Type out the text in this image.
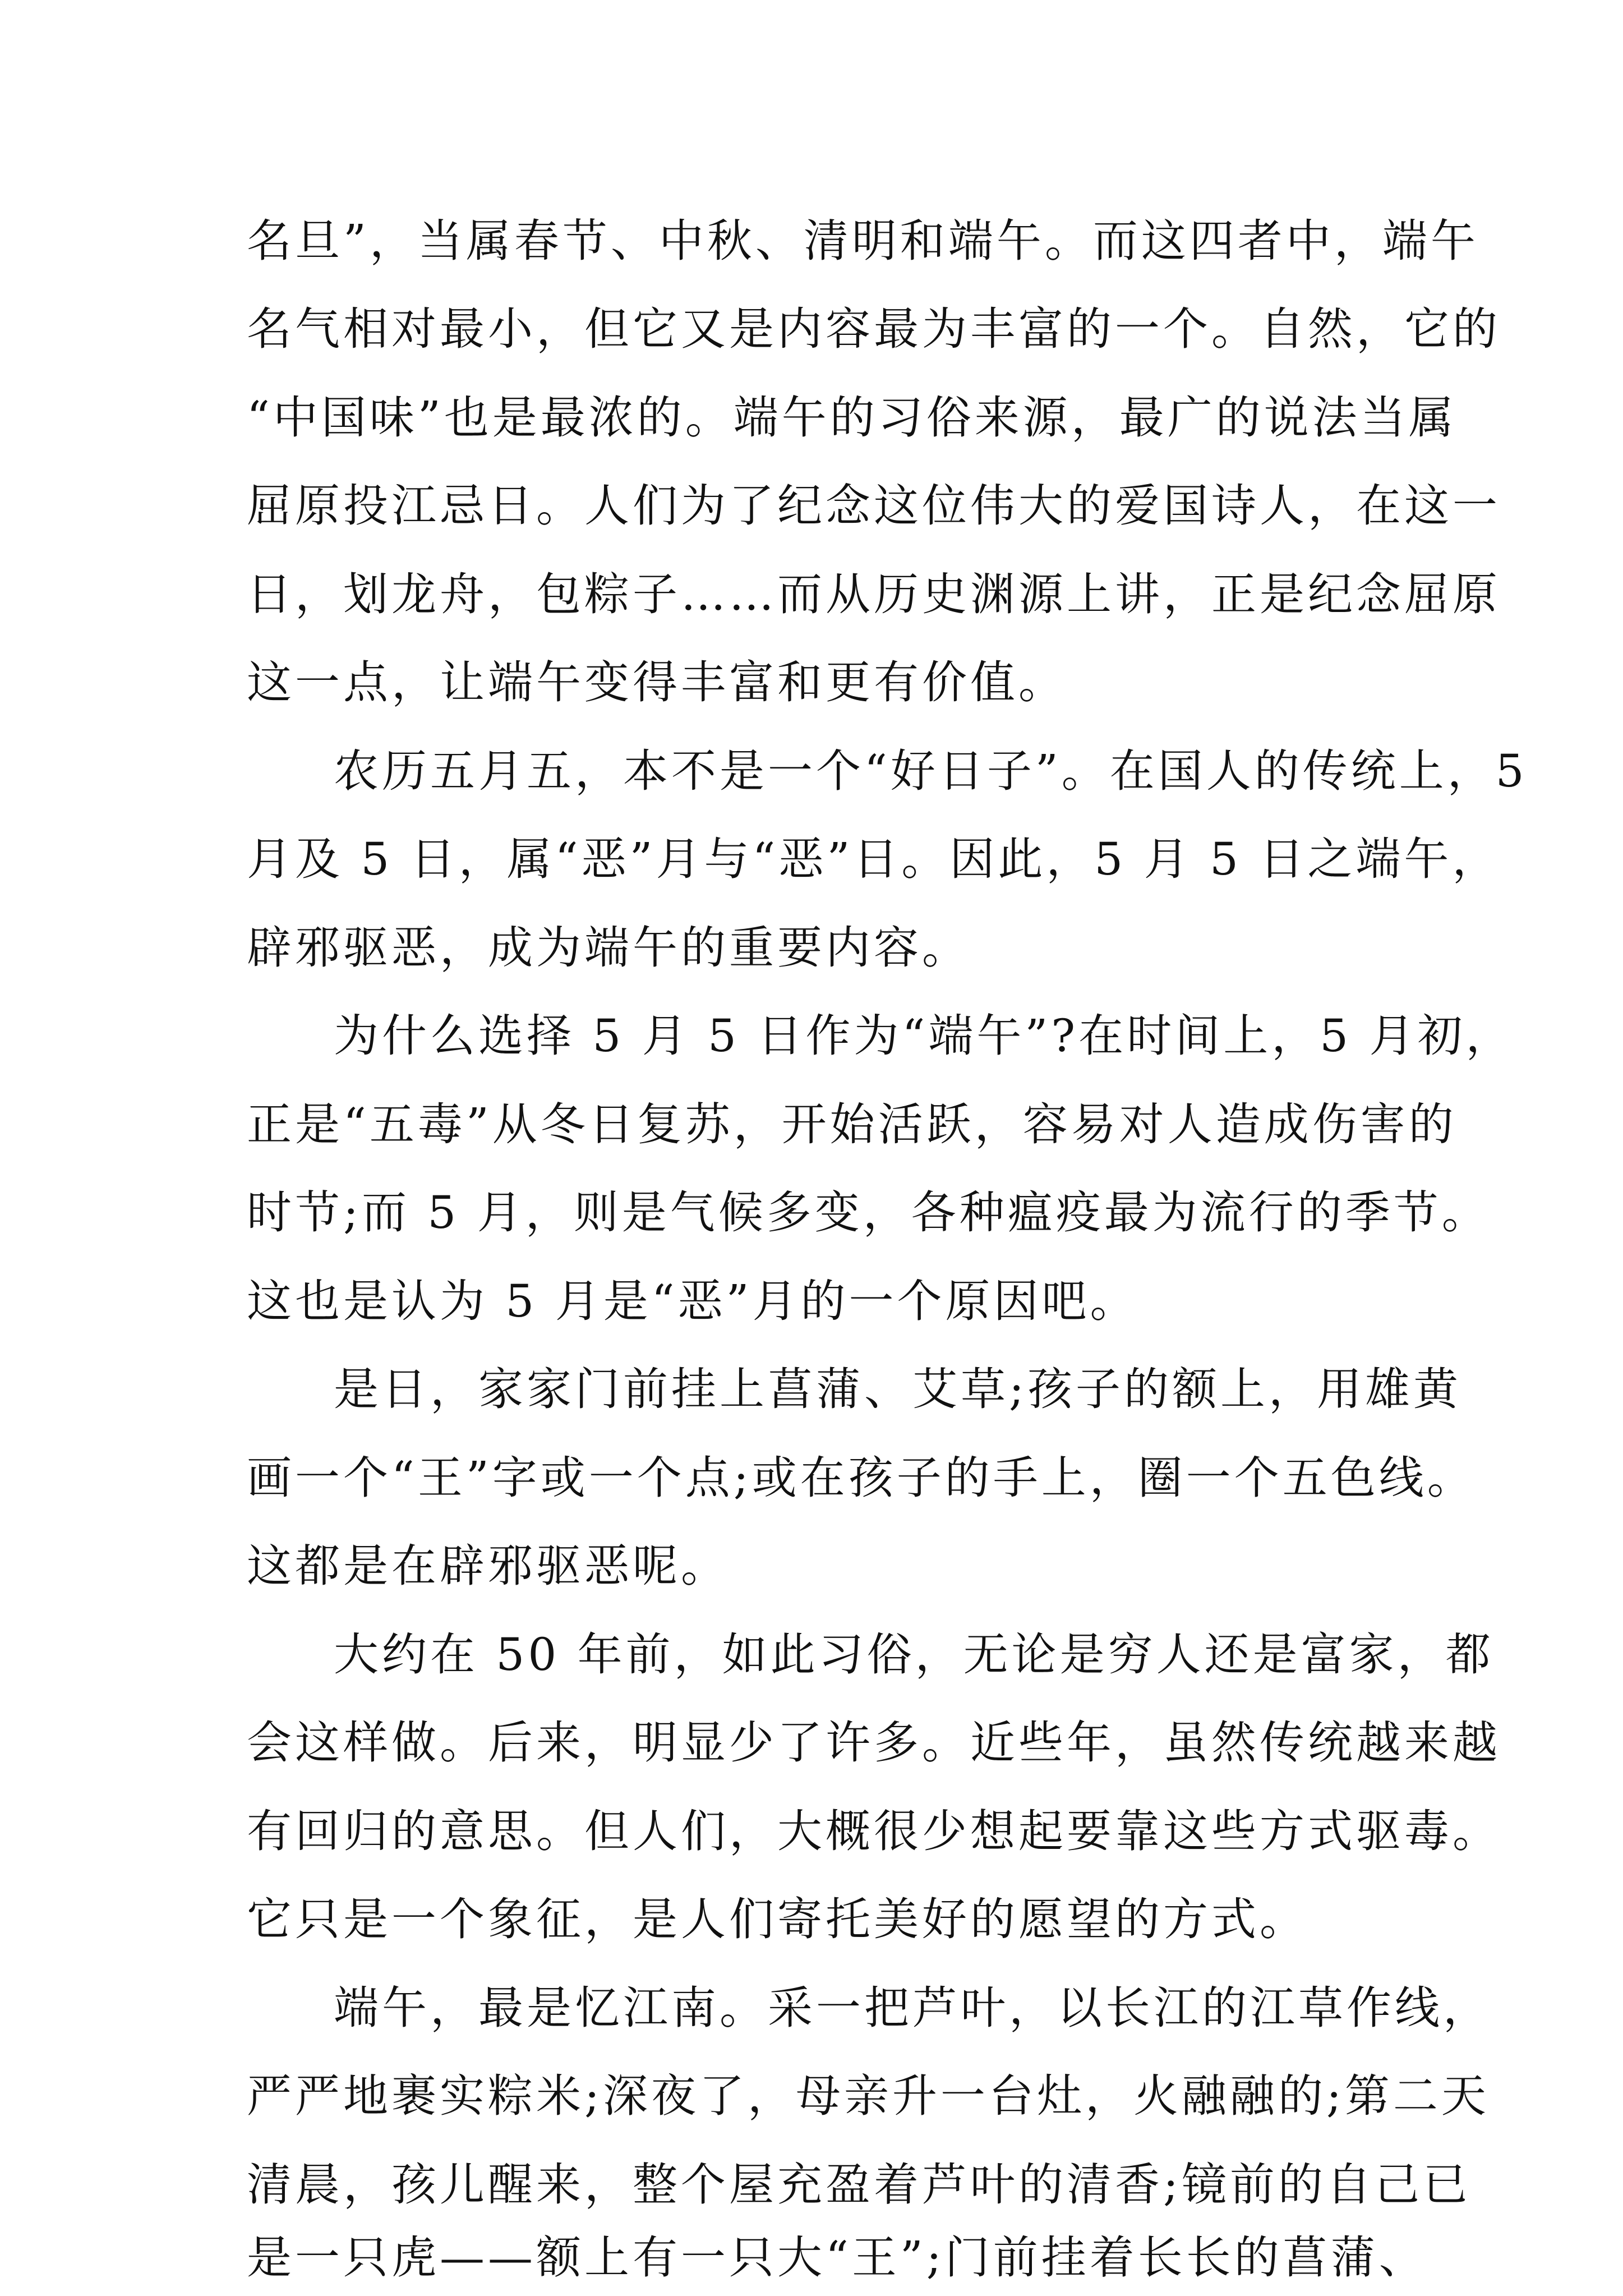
名旦”，当属春节、中秋、清明和端午。而这四者中，端午

名气相对最小，但它又是内容最为丰富的一个。自然，它的

“中国味”也是最浓的。端午的习俗来源，最广的说法当属

屈原投江忌日。人们为了纪念这位伟大的爱国诗人，在这一

日，划龙舟，包粽子……而从历史渊源上讲，正是纪念屈原

这一点，让端午变得丰富和更有价值。

农历五月五，本不是一个“好日子”。在国人的传统上，5

月及 5 日，属“恶”月与“恶”日。因此，5 月 5 日之端午，

辟邪驱恶，成为端午的重要内容。

为什么选择 5 月 5 日作为“端午”?在时间上，5 月初，

正是“五毒”从冬日复苏，开始活跃，容易对人造成伤害的

时节;而 5 月，则是气候多变，各种瘟疫最为流行的季节。

这也是认为 5 月是“恶”月的一个原因吧。

是日，家家门前挂上菖蒲、艾草;孩子的额上，用雄黄

画一个“王”字或一个点;或在孩子的手上，圈一个五色线。

这都是在辟邪驱恶呢。

大约在 50 年前，如此习俗，无论是穷人还是富家，都

会这样做。后来，明显少了许多。近些年，虽然传统越来越

有回归的意思。但人们，大概很少想起要靠这些方式驱毒。

它只是一个象征，是人们寄托美好的愿望的方式。

端午，最是忆江南。采一把芦叶，以长江的江草作线，

严严地裹实粽米;深夜了，母亲升一台灶，火融融的;第二天

清晨，孩儿醒来，整个屋充盈着芦叶的清香;镜前的自己已

是一只虎——额上有一只大“王”;门前挂着长长的菖蒲、
